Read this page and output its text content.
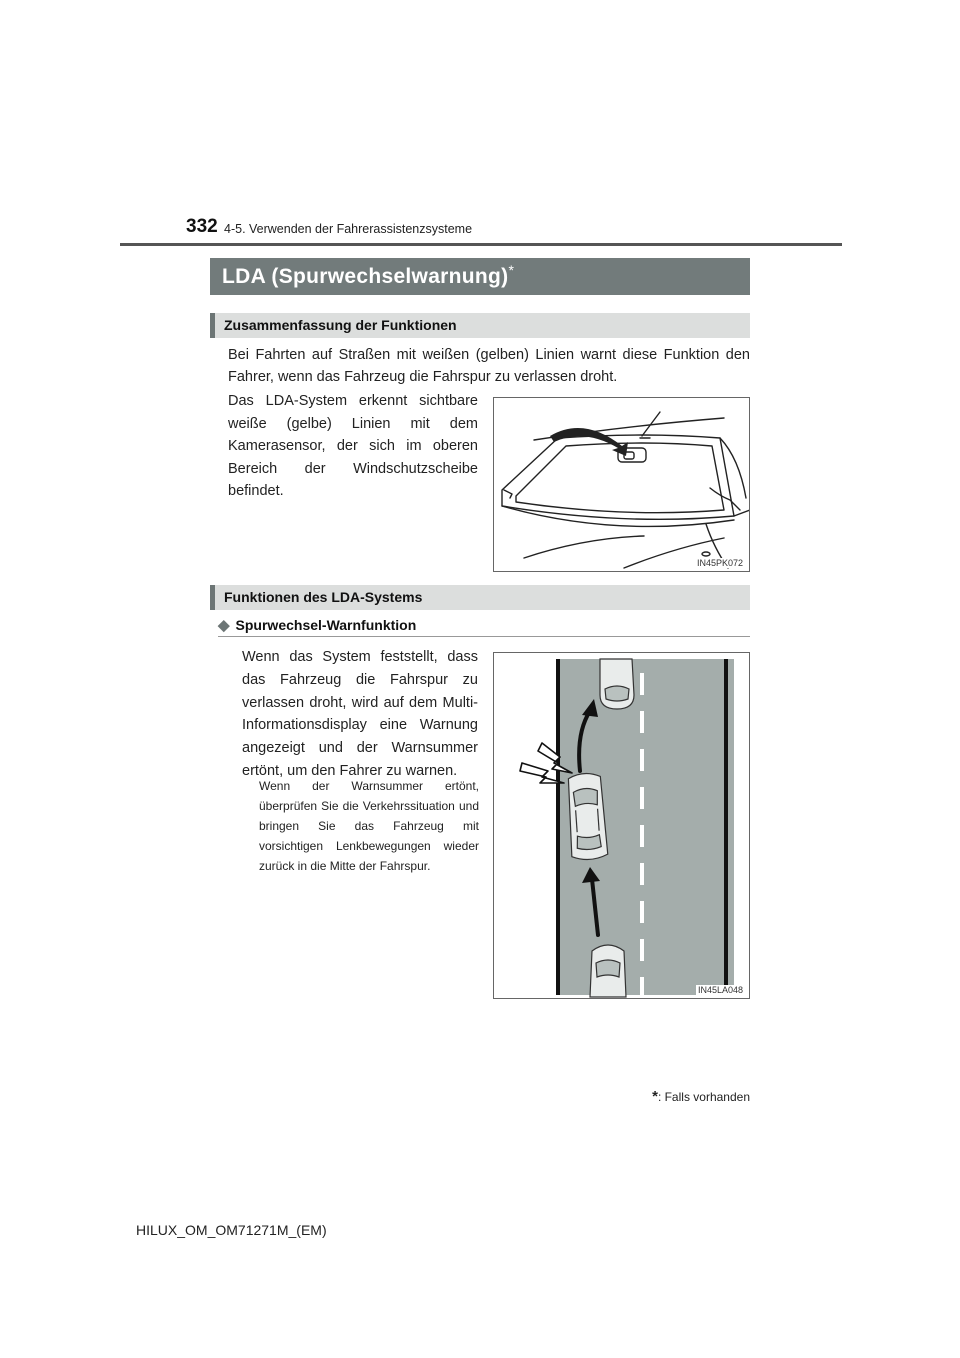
332 4-5. Verwenden der Fahrerassistenzsysteme
LDA (Spurwechselwarnung)*
Zusammenfassung der Funktionen
Bei Fahrten auf Straßen mit weißen (gelben) Linien warnt diese Funktion den Fahrer, wenn das Fahrzeug die Fahrspur zu verlassen droht.
Das LDA-System erkennt sichtbare weiße (gelbe) Linien mit dem Kamerasensor, der sich im oberen Bereich der Windschutzscheibe befindet.
IN45PK072
Funktionen des LDA-Systems
◆ Spurwechsel-Warnfunktion
Wenn das System feststellt, dass das Fahrzeug die Fahrspur zu verlassen droht, wird auf dem Multi-Informationsdisplay eine Warnung angezeigt und der Warnsummer ertönt, um den Fahrer zu warnen.
Wenn der Warnsummer ertönt, überprüfen Sie die Verkehrssituation und bringen Sie das Fahrzeug mit vorsichtigen Lenkbewegungen wieder zurück in die Mitte der Fahrspur.
IN45LA048
*: Falls vorhanden
HILUX_OM_OM71271M_(EM)
